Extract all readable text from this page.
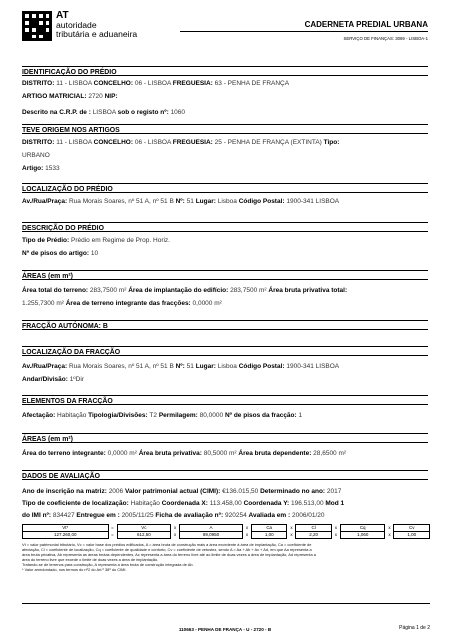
AT
autoridade
tributária e aduaneira
CADERNETA PREDIAL URBANA
SERVIÇO DE FINANÇAS: 3069 - LISBOA-1
IDENTIFICAÇÃO DO PRÉDIO
DISTRITO: 11 - LISBOA CONCELHO: 06 - LISBOA FREGUESIA: 63 - PENHA DE FRANÇA
ARTIGO MATRICIAL: 2720 NIP:
Descrito na C.R.P. de : LISBOA sob o registo nº: 1060
TEVE ORIGEM NOS ARTIGOS
DISTRITO: 11 - LISBOA CONCELHO: 06 - LISBOA FREGUESIA: 25 - PENHA DE FRANÇA (EXTINTA) Tipo:
URBANO
Artigo: 1533
LOCALIZAÇÃO DO PRÉDIO
Av./Rua/Praça: Rua Morais Soares, nº 51 A, nº 51 B Nº: 51 Lugar: Lisboa Código Postal: 1900-341 LISBOA
DESCRIÇÃO DO PRÉDIO
Tipo de Prédio: Prédio em Regime de Prop. Horiz.
Nº de pisos do artigo: 10
ÁREAS (em m²)
Área total do terreno: 283,7500 m² Área de implantação do edifício: 283,7500 m² Área bruta privativa total:
1.255,7300 m² Área de terreno integrante das fracções: 0,0000 m²
FRACÇÃO AUTÓNOMA: B
LOCALIZAÇÃO DA FRACÇÃO
Av./Rua/Praça: Rua Morais Soares, nº 51 A, nº 51 B Nº: 51 Lugar: Lisboa Código Postal: 1900-341 LISBOA
Andar/Divisão: 1ºDir
ELEMENTOS DA FRACÇÃO
Afectação: Habitação Tipologia/Divisões: T2 Permilagem: 80,0000 Nº de pisos da fracção: 1
ÁREAS (em m²)
Área do terreno integrante: 0,0000 m² Área bruta privativa: 80,5000 m² Área bruta dependente: 28,6500 m²
DADOS DE AVALIAÇÃO
Ano de inscrição na matriz: 2006 Valor patrimonial actual (CIMI): €136.015,50 Determinado no ano: 2017
Tipo de coeficiente de localização: Habitação Coordenada X: 113.458,00 Coordenada Y: 196.513,00 Mod 1
do IMI nº: 834427 Entregue em : 2005/11/25 Ficha de avaliação nº: 920254 Avaliada em : 2006/01/20
Vt*	=	Vc	x	A	x	Ca	x	Cl	x	Cq	x	Cv
127.260,00	=	612,50	x	89,0950	x	1,00	x	2,20	x	1,060	x	1,00
Vt = valor patrimonial tributário, Vc = valor base dos prédios edificados, A = área bruta de construção mais a área excedente à área de implantação, Ca = coeficiente de
afectação, Cl = coeficiente de localização, Cq = coeficiente de qualidade e conforto, Cv = coeficiente de vetustez, sendo A = Aa + Ab + Ac + Ad, em que Aa representa a
área bruta privativa, Ab representa as áreas brutas dependentes, Ac representa a área do terreno livre até ao limite de duas vezes a área de implantação, Ad representa a
área do terreno livre que excede o limite de duas vezes a área de implantação.
Tratando-se de terrenos para construção, A representa a área bruta de construção integrada de Ab.
* Valor arredondado, nos termos do nº2 do Art.º 38º do CIMI.
110663 - PENHA DE FRANÇA - U - 2720 - B	Página 1 de 2
